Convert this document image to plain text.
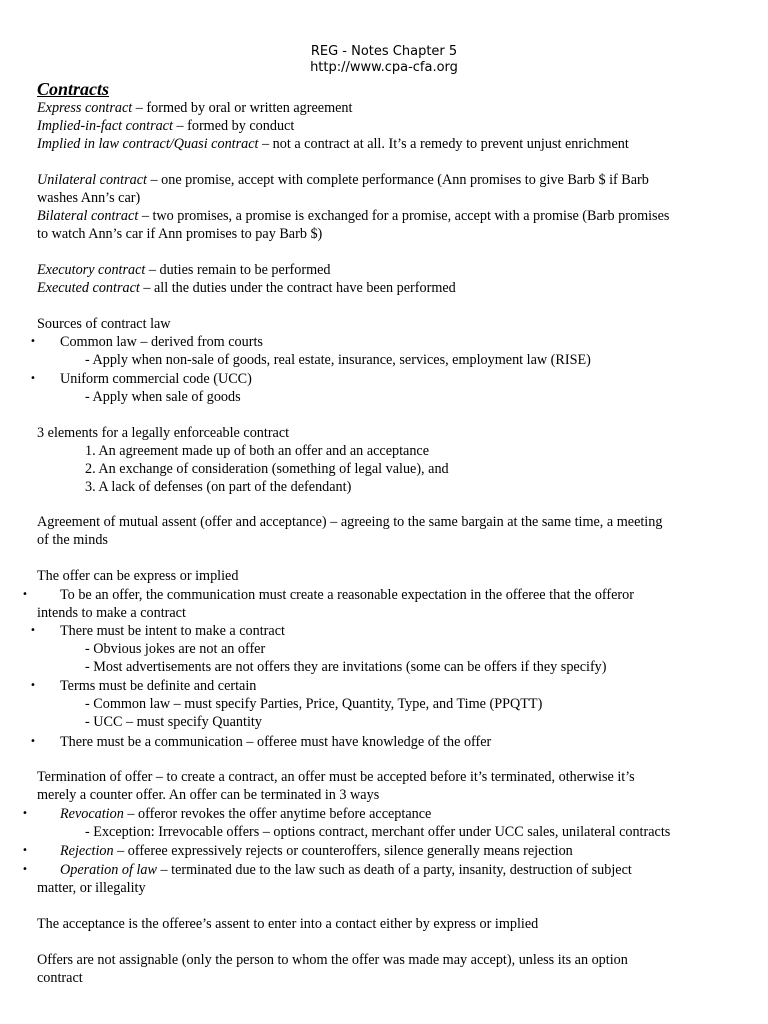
REG - Notes Chapter 5
http://www.cpa-cfa.org
Contracts
Express contract – formed by oral or written agreement
Implied-in-fact contract – formed by conduct
Implied in law contract/Quasi contract – not a contract at all. It’s a remedy to prevent unjust enrichment
Unilateral contract – one promise, accept with complete performance (Ann promises to give Barb $ if Barb
washes Ann’s car)
Bilateral contract – two promises, a promise is exchanged for a promise, accept with a promise (Barb promises
to watch Ann’s car if Ann promises to pay Barb $)
Executory contract – duties remain to be performed
Executed contract – all the duties under the contract have been performed
Sources of contract law
• Common law – derived from courts
- Apply when non-sale of goods, real estate, insurance, services, employment law (RISE)
• Uniform commercial code (UCC)
- Apply when sale of goods
3 elements for a legally enforceable contract
1. An agreement made up of both an offer and an acceptance
2. An exchange of consideration (something of legal value), and
3. A lack of defenses (on part of the defendant)
Agreement of mutual assent (offer and acceptance) – agreeing to the same bargain at the same time, a meeting
of the minds
The offer can be express or implied
• To be an offer, the communication must create a reasonable expectation in the offeree that the offeror
intends to make a contract
• There must be intent to make a contract
- Obvious jokes are not an offer
- Most advertisements are not offers they are invitations (some can be offers if they specify)
• Terms must be definite and certain
- Common law – must specify Parties, Price, Quantity, Type, and Time (PPQTT)
- UCC – must specify Quantity
• There must be a communication – offeree must have knowledge of the offer
Termination of offer – to create a contract, an offer must be accepted before it’s terminated, otherwise it’s
merely a counter offer. An offer can be terminated in 3 ways
• Revocation – offeror revokes the offer anytime before acceptance
- Exception: Irrevocable offers – options contract, merchant offer under UCC sales, unilateral contracts
• Rejection – offeree expressively rejects or counteroffers, silence generally means rejection
• Operation of law – terminated due to the law such as death of a party, insanity, destruction of subject
matter, or illegality
The acceptance is the offeree’s assent to enter into a contact either by express or implied
Offers are not assignable (only the person to whom the offer was made may accept), unless its an option
contract
